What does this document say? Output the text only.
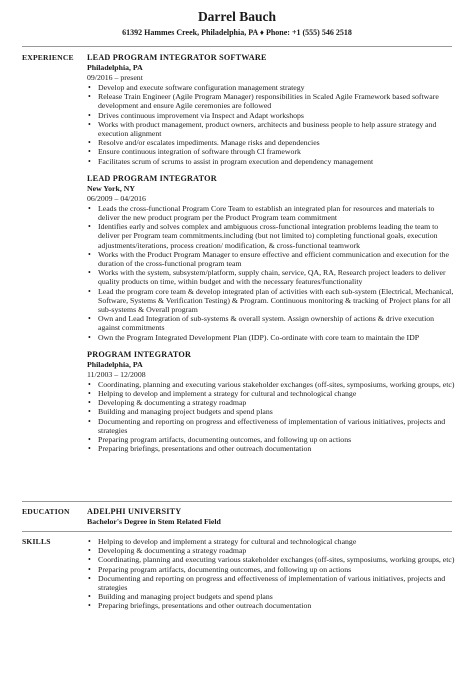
Darrel Bauch
61392 Hammes Creek, Philadelphia, PA ♦ Phone: +1 (555) 546 2518
EXPERIENCE	LEAD PROGRAM INTEGRATOR SOFTWARE
Philadelphia, PA
09/2016 – present
• Develop and execute software configuration management strategy
• Release Train Engineer (Agile Program Manager) responsibilities in Scaled Agile Framework based software development and ensure Agile ceremonies are followed
• Drives continuous improvement via Inspect and Adapt workshops
• Works with product management, product owners, architects and business people to help assure strategy and execution alignment
• Resolve and/or escalates impediments. Manage risks and dependencies
• Ensure continuous integration of software through CI framework
• Facilitates scrum of scrums to assist in program execution and dependency management
LEAD PROGRAM INTEGRATOR
New York, NY
06/2009 – 04/2016
• Leads the cross-functional Program Core Team to establish an integrated plan for resources and materials to deliver the new product program per the Product Program team commitment
• Identifies early and solves complex and ambiguous cross-functional integration problems leading the team to deliver per Program team commitments.including (but not limited to) completing functional goals, execution adjustments/iterations, process creation/ modification, & cross-functional teamwork
• Works with the Product Program Manager to ensure effective and efficient communication and execution for the duration of the cross-functional program team
• Works with the system, subsystem/platform, supply chain, service, QA, RA, Research project leaders to deliver quality products on time, within budget and with the necessary features/functionality
• Lead the program core team & develop integrated plan of activities with each sub-system (Electrical, Mechanical, Software, Systems & Verification Testing) & Program. Continuous monitoring & tracking of Project plans for all sub-systems & Overall program
• Own and Lead Integration of sub-systems & overall system. Assign ownership of actions & drive execution against commitments
• Own the Program Integrated Development Plan (IDP). Co-ordinate with core team to maintain the IDP
PROGRAM INTEGRATOR
Philadelphia, PA
11/2003 – 12/2008
• Coordinating, planning and executing various stakeholder exchanges (off-sites, symposiums, working groups, etc)
• Helping to develop and implement a strategy for cultural and technological change
• Developing & documenting a strategy roadmap
• Building and managing project budgets and spend plans
• Documenting and reporting on progress and effectiveness of implementation of various initiatives, projects and strategies
• Preparing program artifacts, documenting outcomes, and following up on actions
• Preparing briefings, presentations and other outreach documentation
EDUCATION	ADELPHI UNIVERSITY
Bachelor's Degree in Stem Related Field
SKILLS
•	Helping to develop and implement a strategy for cultural and technological change
• Developing & documenting a strategy roadmap
• Coordinating, planning and executing various stakeholder exchanges (off-sites, symposiums, working groups, etc)
• Preparing program artifacts, documenting outcomes, and following up on actions
• Documenting and reporting on progress and effectiveness of implementation of various initiatives, projects and strategies
• Building and managing project budgets and spend plans
• Preparing briefings, presentations and other outreach documentation
